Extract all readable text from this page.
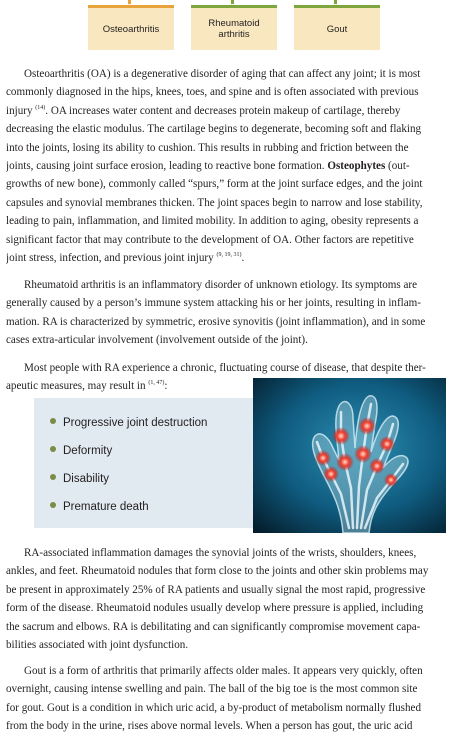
Osteoarthritis	Rheumatoid arthritis	Gout
Osteoarthritis (OA) is a degenerative disorder of aging that can affect any joint; it is most
commonly diagnosed in the hips, knees, toes, and spine and is often associated with previous
injury $^{(14)}$. OA increases water content and decreases protein makeup of cartilage, thereby
decreasing the elastic modulus. The cartilage begins to degenerate, becoming soft and flaking
into the joints, losing its ability to cushion. This results in rubbing and friction between the
joints, causing joint surface erosion, leading to reactive bone formation. Osteophytes (out-
growths of new bone), commonly called “spurs,” form at the joint surface edges, and the joint
capsules and synovial membranes thicken. The joint spaces begin to narrow and lose stability,
leading to pain, inflammation, and limited mobility. In addition to aging, obesity represents a
significant factor that may contribute to the development of OA. Other factors are repetitive
joint stress, infection, and previous joint injury $^{(9, 19, 31)}$.
Rheumatoid arthritis is an inflammatory disorder of unknown etiology. Its symptoms are
generally caused by a person’s immune system attacking his or her joints, resulting in inflam-
mation. RA is characterized by symmetric, erosive synovitis (joint inflammation), and in some
cases extra-articular involvement (involvement outside of the joint).
Most people with RA experience a chronic, fluctuating course of disease, that despite ther-
apeutic measures, may result in $^{(1, 47)}$:
Progressive joint destruction
Deformity
Disability
Premature death
RA-associated inflammation damages the synovial joints of the wrists, shoulders, knees,
ankles, and feet. Rheumatoid nodules that form close to the joints and other skin problems may
be present in approximately 25% of RA patients and usually signal the most rapid, progressive
form of the disease. Rheumatoid nodules usually develop where pressure is applied, including
the sacrum and elbows. RA is debilitating and can significantly compromise movement capa-
bilities associated with joint dysfunction.
Gout is a form of arthritis that primarily affects older males. It appears very quickly, often
overnight, causing intense swelling and pain. The ball of the big toe is the most common site
for gout. Gout is a condition in which uric acid, a by-product of metabolism normally flushed
from the body in the urine, rises above normal levels. When a person has gout, the uric acid
